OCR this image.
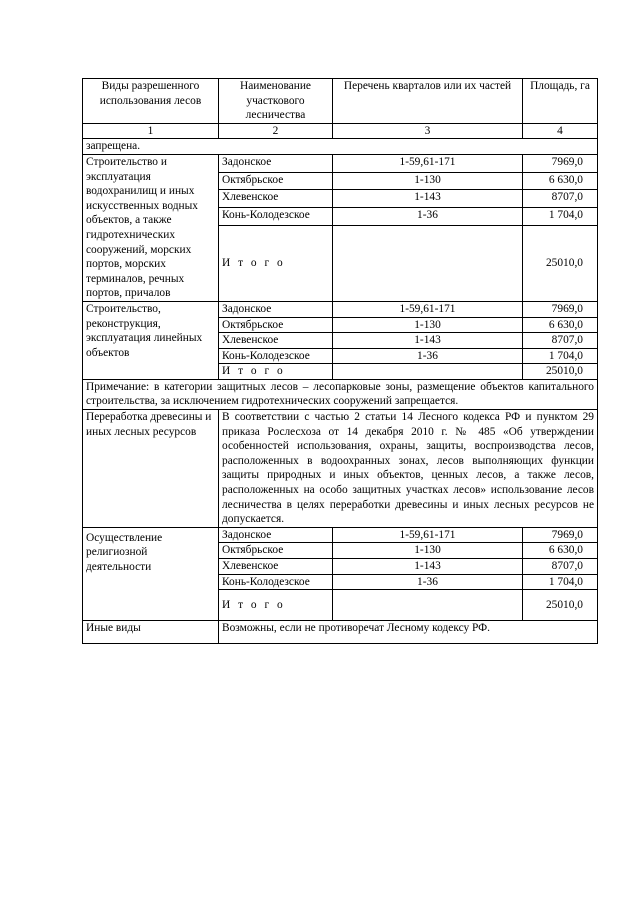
Виды разрешенного использования лесов	Наименование участкового лесничества	Перечень кварталов или их частей	Площадь, га
1	2	3	4
запрещена.			
Строительство и эксплуатация водохранилищ и иных искусственных водных объектов, а также гидротехнических сооружений, морских портов, морских терминалов, речных портов, причалов	Задонское	1-59,61-171	7969,0
	Октябрьское	1-130	6 630,0
	Хлевенское	1-143	8707,0
	Конь-Колодезское	1-36	1 704,0
	И т о г о		25010,0
Строительство, реконструкция, эксплуатация линейных объектов	Задонское	1-59,61-171	7969,0
	Октябрьское	1-130	6 630,0
	Хлевенское	1-143	8707,0
	Конь-Колодезское	1-36	1 704,0
	И т о г о		25010,0
Примечание: в категории защитных лесов – лесопарковые зоны, размещение объектов капитального строительства, за исключением гидротехнических сооружений запрещается.			
Переработка древесины и иных лесных ресурсов	В соответствии с частью 2 статьи 14 Лесного кодекса РФ и пунктом 29 приказа Рослесхоза от 14 декабря 2010 г. № 485 «Об утверждении особенностей использования, охраны, защиты, воспроизводства лесов, расположенных в водоохранных зонах, лесов выполняющих функции защиты природных и иных объектов, ценных лесов, а также лесов, расположенных на особо защитных участках лесов» использование лесов лесничества в целях переработки древесины и иных лесных ресурсов не допускается.		
Осуществление религиозной деятельности	Задонское	1-59,61-171	7969,0
	Октябрьское	1-130	6 630,0
	Хлевенское	1-143	8707,0
	Конь-Колодезское	1-36	1 704,0
	И т о г о		25010,0
Иные виды	Возможны, если не противоречат Лесному кодексу РФ.		
